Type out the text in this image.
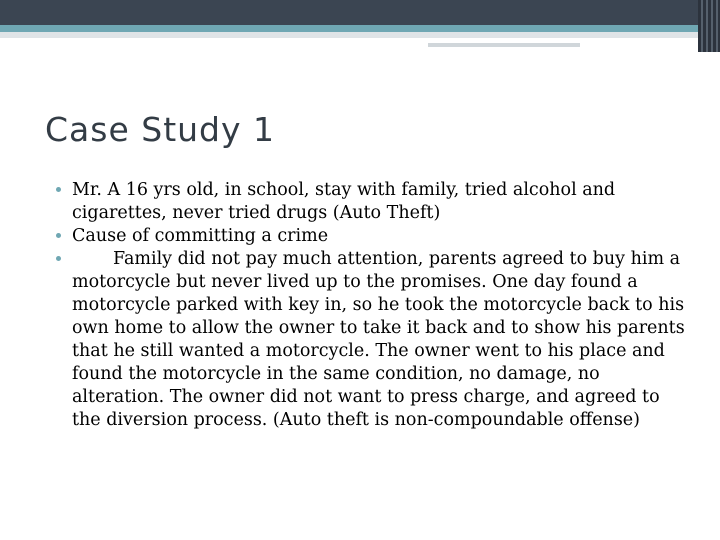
Case Study 1
Mr. A 16 yrs old, in school, stay with family, tried alcohol and cigarettes, never tried drugs (Auto Theft)
Cause of committing a crime
Family did not pay much attention, parents agreed to buy him a motorcycle but never lived up to the promises. One day found a motorcycle parked with key in, so he took the motorcycle back to his own home to allow the owner to take it back and to show his parents that he still wanted a motorcycle. The owner went to his place and found the motorcycle in the same condition, no damage, no alteration. The owner did not want to press charge, and agreed to the diversion process. (Auto theft is non-compoundable offense)
